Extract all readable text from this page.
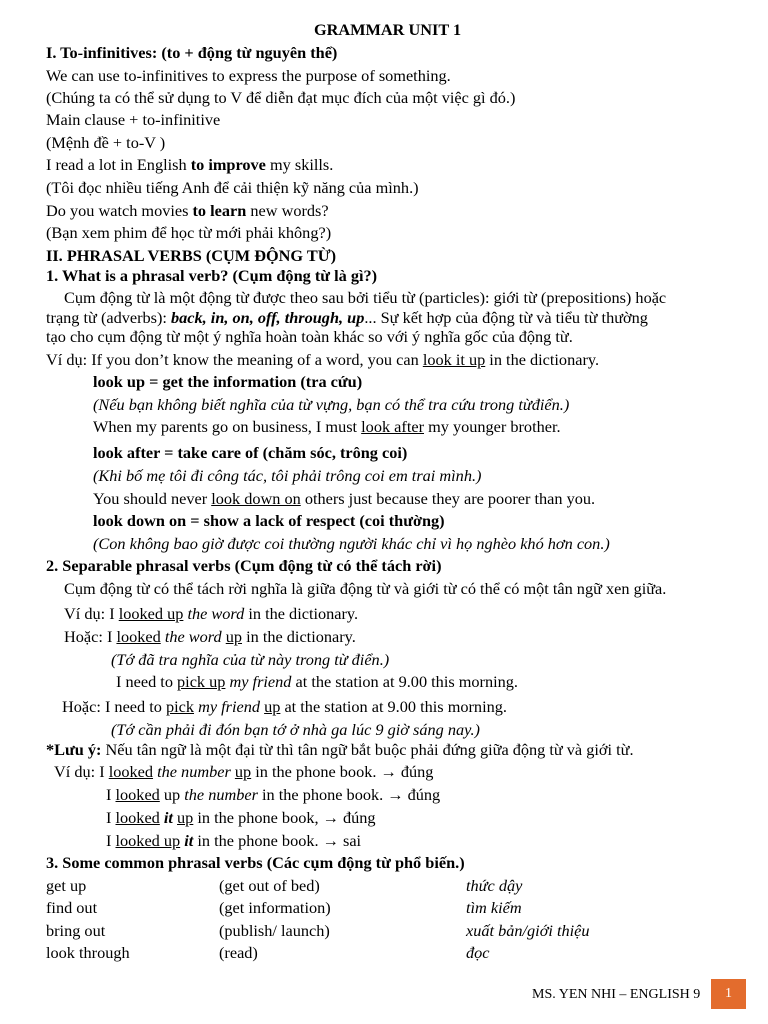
GRAMMAR UNIT 1
I. To-infinitives: (to + động từ nguyên thể)
We can use to-infinitives to express the purpose of something.
(Chúng ta có thể sử dụng to V để diễn đạt mục đích của một việc gì đó.)
Main clause + to-infinitive
(Mệnh đề + to-V )
I read a lot in English to improve my skills.
(Tôi đọc nhiều tiếng Anh để cải thiện kỹ năng của mình.)
Do you watch movies to learn new words?
(Bạn xem phim để học từ mới phải không?)
II. PHRASAL VERBS (CỤM ĐỘNG TỪ)
1. What is a phrasal verb? (Cụm động từ là gì?)
Cụm động từ là một động từ được theo sau bởi tiểu từ (particles): giới từ (prepositions) hoặc
trạng từ (adverbs): back, in, on, off, through, up... Sự kết hợp của động từ và tiểu từ thường
tạo cho cụm động từ một ý nghĩa hoàn toàn khác so với ý nghĩa gốc của động từ.
Ví dụ: If you don’t know the meaning of a word, you can look it up in the dictionary.
look up = get the information (tra cứu)
(Nếu bạn không biết nghĩa của từ vựng, bạn có thể tra cứu trong từđiển.)
When my parents go on business, I must look after my younger brother.
look after = take care of (chăm sóc, trông coi)
(Khi bố mẹ tôi đi công tác, tôi phải trông coi em trai mình.)
You should never look down on others just because they are poorer than you.
look down on = show a lack of respect (coi thường)
(Con không bao giờ được coi thường người khác chỉ vì họ nghèo khó hơn con.)
2. Separable phrasal verbs (Cụm động từ có thể tách rời)
Cụm động từ có thể tách rời nghĩa là giữa động từ và giới từ có thể có một tân ngữ xen giữa.
Ví dụ: I looked up the word in the dictionary.
Hoặc: I looked the word up in the dictionary.
(Tớ đã tra nghĩa của từ này trong từ điển.)
I need to pick up my friend at the station at 9.00 this morning.
Hoặc: I need to pick my friend up at the station at 9.00 this morning.
(Tớ cần phải đi đón bạn tớ ở nhà ga lúc 9 giờ sáng nay.)
*Lưu ý: Nếu tân ngữ là một đại từ thì tân ngữ bắt buộc phải đứng giữa động từ và giới từ.
Ví dụ: I looked the number up in the phone book. → đúng
I looked up the number in the phone book. → đúng
I looked it up in the phone book, → đúng
I looked up it in the phone book. → sai
3. Some common phrasal verbs (Các cụm động từ phổ biến.)
get up	(get out of bed)	thức dậy
find out	(get information)	tìm kiếm
bring out	(publish/ launch)	xuất bản/giới thiệu
look through	(read)	đọc
MS. YEN NHI – ENGLISH 9	1
